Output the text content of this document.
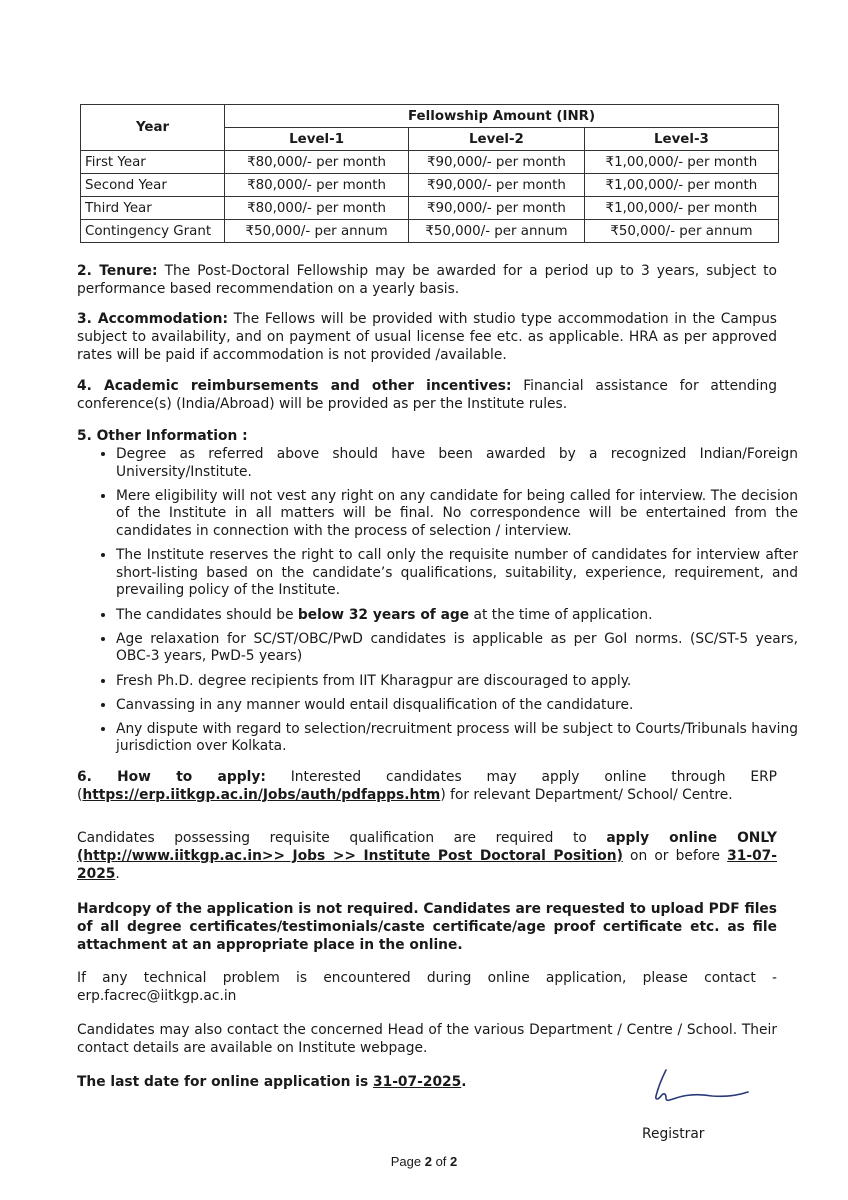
Year	Fellowship Amount (INR)		
	Level-1	Level-2	Level-3
First Year	₹80,000/- per month	₹90,000/- per month	₹1,00,000/- per month
Second Year	₹80,000/- per month	₹90,000/- per month	₹1,00,000/- per month
Third Year	₹80,000/- per month	₹90,000/- per month	₹1,00,000/- per month
Contingency Grant	₹50,000/- per annum	₹50,000/- per annum	₹50,000/- per annum

2. Tenure: The Post-Doctoral Fellowship may be awarded for a period up to 3 years, subject to performance based recommendation on a yearly basis.

3. Accommodation: The Fellows will be provided with studio type accommodation in the Campus subject to availability, and on payment of usual license fee etc. as applicable. HRA as per approved rates will be paid if accommodation is not provided /available.

4. Academic reimbursements and other incentives: Financial assistance for attending conference(s) (India/Abroad) will be provided as per the Institute rules.

5. Other Information :

• Degree as referred above should have been awarded by a recognized Indian/Foreign University/Institute.
• Mere eligibility will not vest any right on any candidate for being called for interview. The decision of the Institute in all matters will be final. No correspondence will be entertained from the candidates in connection with the process of selection / interview.
• The Institute reserves the right to call only the requisite number of candidates for interview after short-listing based on the candidate’s qualifications, suitability, experience, requirement, and prevailing policy of the Institute.
• The candidates should be below 32 years of age at the time of application.
• Age relaxation for SC/ST/OBC/PwD candidates is applicable as per GoI norms. (SC/ST-5 years, OBC-3 years, PwD-5 years)
• Fresh Ph.D. degree recipients from IIT Kharagpur are discouraged to apply.
• Canvassing in any manner would entail disqualification of the candidature.
• Any dispute with regard to selection/recruitment process will be subject to Courts/Tribunals having jurisdiction over Kolkata.

6. How to apply: Interested candidates may apply online through ERP (https://erp.iitkgp.ac.in/Jobs/auth/pdfapps.htm) for relevant Department/ School/ Centre.

Candidates possessing requisite qualification are required to apply online ONLY (http://www.iitkgp.ac.in>> Jobs >> Institute Post Doctoral Position) on or before 31-07-2025.

Hardcopy of the application is not required. Candidates are requested to upload PDF files of all degree certificates/testimonials/caste certificate/age proof certificate etc. as file attachment at an appropriate place in the online.

If any technical problem is encountered during online application, please contact - erp.facrec@iitkgp.ac.in

Candidates may also contact the concerned Head of the various Department / Centre / School. Their contact details are available on Institute webpage.

The last date for online application is 31-07-2025.

Registrar
Page 2 of 2
